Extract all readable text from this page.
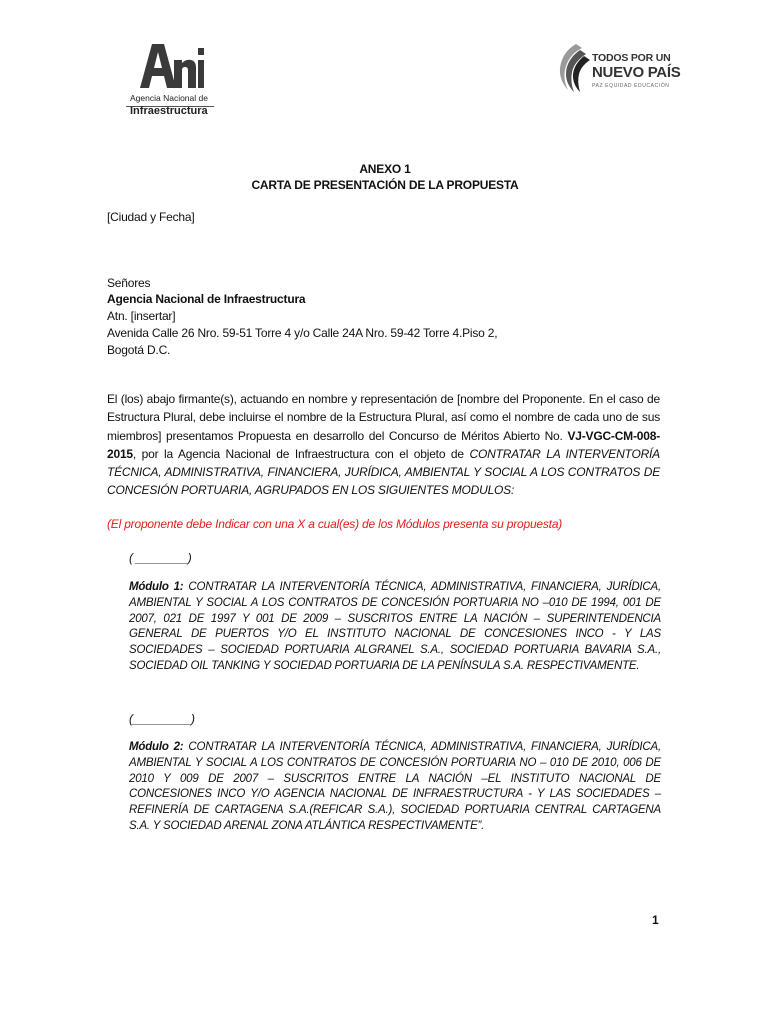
Agencia Nacional de
Infraestructura
TODOS POR UN
NUEVO PAÍS
PAZ EQUIDAD EDUCACIÓN
ANEXO 1
CARTA DE PRESENTACIÓN DE LA PROPUESTA
[Ciudad y Fecha]
Señores
Agencia Nacional de Infraestructura
Atn. [insertar]
Avenida Calle 26 Nro. 59-51 Torre 4 y/o Calle 24A Nro. 59-42 Torre 4.Piso 2,
Bogotá D.C.
El (los) abajo firmante(s), actuando en nombre y representación de [nombre del Proponente. En el caso de Estructura Plural, debe incluirse el nombre de la Estructura Plural, así como el nombre de cada uno de sus miembros] presentamos Propuesta en desarrollo del Concurso de Méritos Abierto No. VJ-VGC-CM-008-2015, por la Agencia Nacional de Infraestructura con el objeto de CONTRATAR LA INTERVENTORÍA TÉCNICA, ADMINISTRATIVA, FINANCIERA, JURÍDICA, AMBIENTAL Y SOCIAL A LOS CONTRATOS DE CONCESIÓN PORTUARIA, AGRUPADOS EN LOS SIGUIENTES MODULOS:
(El proponente debe Indicar con una X a cual(es) de los Módulos presenta su propuesta)
( ________)
Módulo 1: CONTRATAR LA INTERVENTORÍA TÉCNICA, ADMINISTRATIVA, FINANCIERA, JURÍDICA, AMBIENTAL Y SOCIAL A LOS CONTRATOS DE CONCESIÓN PORTUARIA NO –010 DE 1994, 001 DE 2007, 021 DE 1997 Y 001 DE 2009 – SUSCRITOS ENTRE LA NACIÓN – SUPERINTENDENCIA GENERAL DE PUERTOS Y/O EL INSTITUTO NACIONAL DE CONCESIONES INCO - Y LAS SOCIEDADES – SOCIEDAD PORTUARIA ALGRANEL S.A., SOCIEDAD PORTUARIA BAVARIA S.A., SOCIEDAD OIL TANKING Y SOCIEDAD PORTUARIA DE LA PENÍNSULA S.A. RESPECTIVAMENTE.
(_________)
Módulo 2: CONTRATAR LA INTERVENTORÍA TÉCNICA, ADMINISTRATIVA, FINANCIERA, JURÍDICA, AMBIENTAL Y SOCIAL A LOS CONTRATOS DE CONCESIÓN PORTUARIA NO – 010 DE 2010, 006 DE 2010 Y 009 DE 2007 – SUSCRITOS ENTRE LA NACIÓN –EL INSTITUTO NACIONAL DE CONCESIONES INCO Y/O AGENCIA NACIONAL DE INFRAESTRUCTURA - Y LAS SOCIEDADES – REFINERÍA DE CARTAGENA S.A.(REFICAR S.A.), SOCIEDAD PORTUARIA CENTRAL CARTAGENA S.A. Y SOCIEDAD ARENAL ZONA ATLÁNTICA RESPECTIVAMENTE”.
1
